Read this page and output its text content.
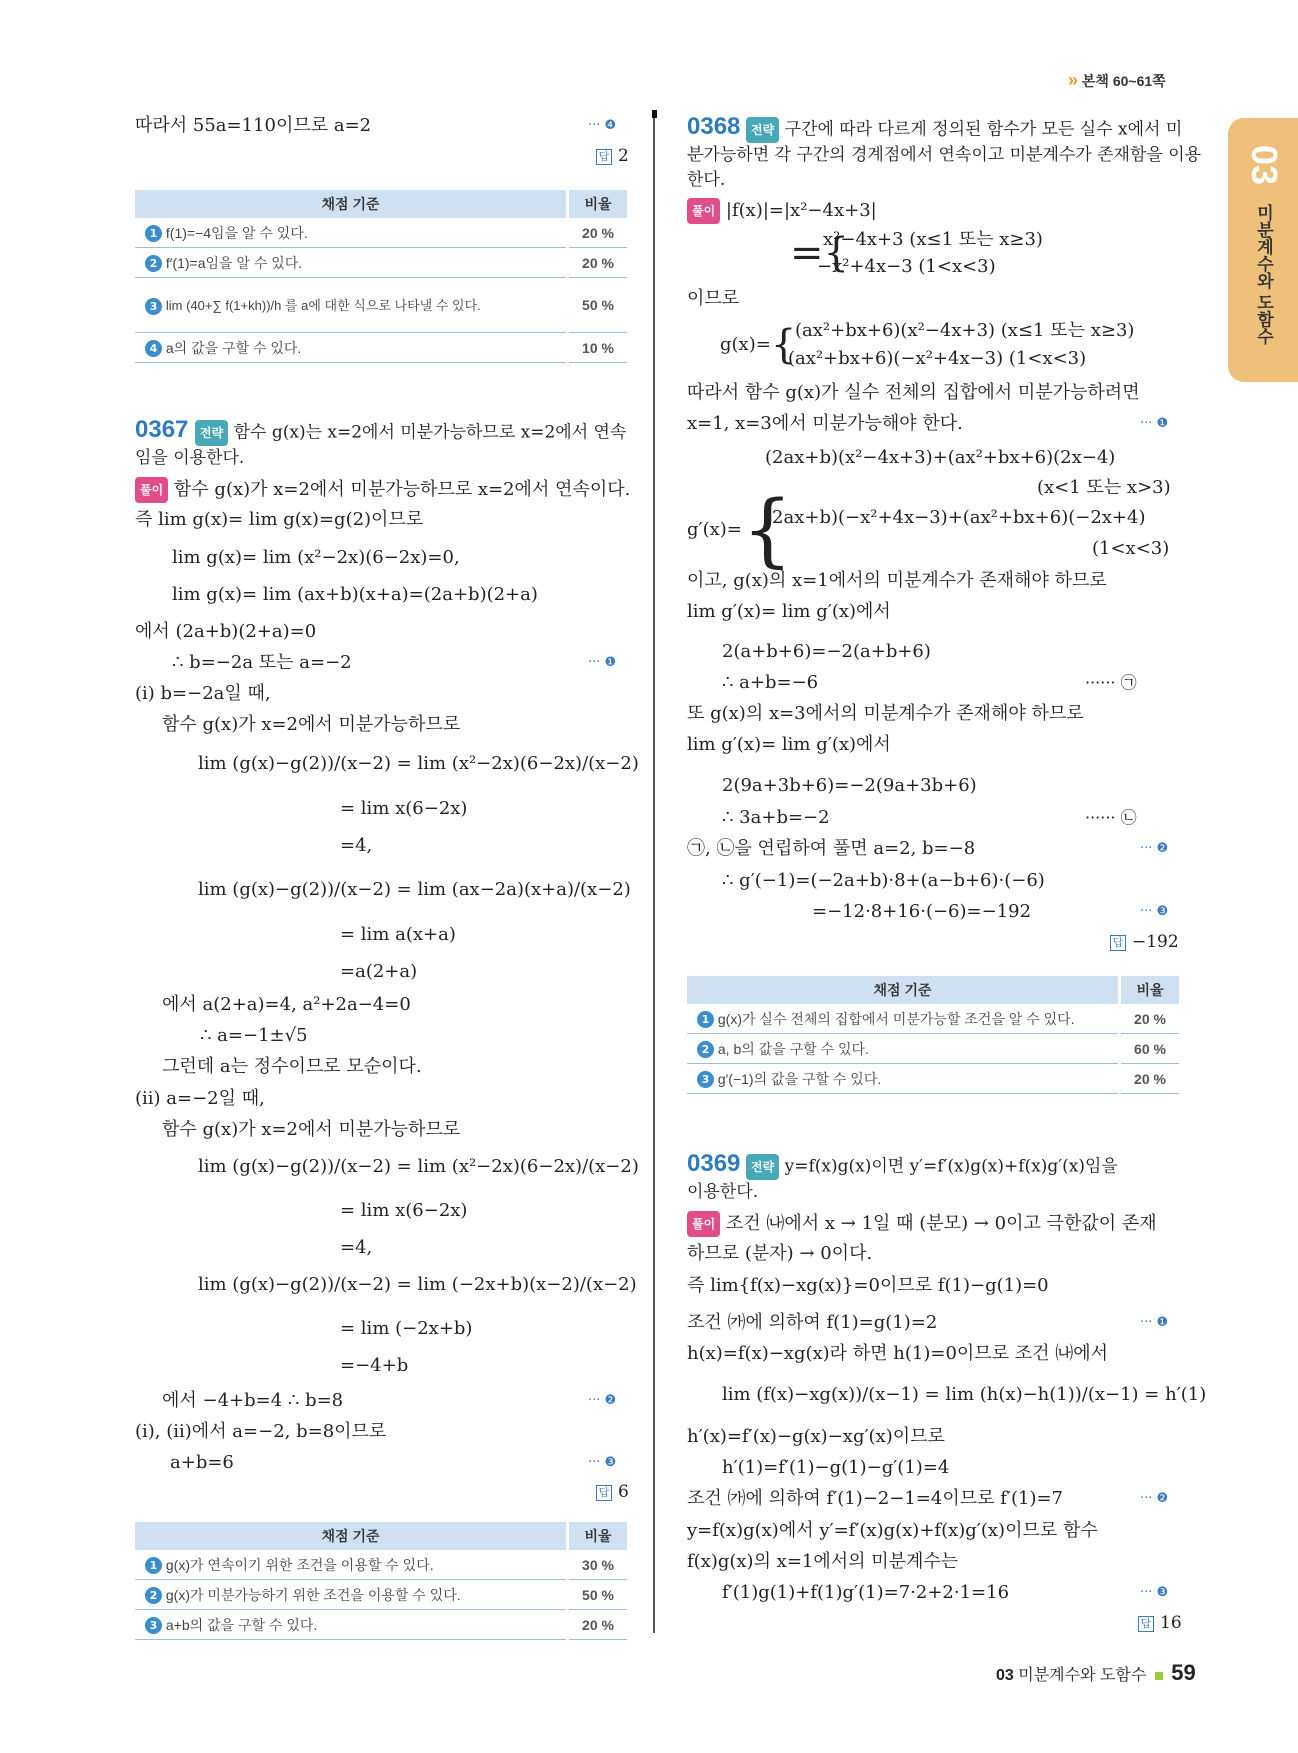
» 본책 60~61쪽
03
미분계수와 도함수
따라서 55a=110이므로 a=2	··· ❹
답 2
채점 기준	비율
1 f(1)=−4임을 알 수 있다.	20 %
2 f′(1)=a임을 알 수 있다.	20 %
3 lim (40+∑ f(1+kh))/h 를 a에 대한 식으로 나타낼 수 있다.	50 %
4 a의 값을 구할 수 있다.	10 %
0367 전략 함수 g(x)는 x=2에서 미분가능하므로 x=2에서 연속
임을 이용한다.
풀이 함수 g(x)가 x=2에서 미분가능하므로 x=2에서 연속이다.
즉 lim g(x)= lim g(x)=g(2)이므로
lim g(x)= lim (x²−2x)(6−2x)=0,
lim g(x)= lim (ax+b)(x+a)=(2a+b)(2+a)
에서 (2a+b)(2+a)=0
∴ b=−2a 또는 a=−2	··· ❶
(i) b=−2a일 때,
함수 g(x)가 x=2에서 미분가능하므로
lim (g(x)−g(2))/(x−2) = lim (x²−2x)(6−2x)/(x−2)
= lim x(6−2x)
=4,
lim (g(x)−g(2))/(x−2) = lim (ax−2a)(x+a)/(x−2)
= lim a(x+a)
=a(2+a)
에서 a(2+a)=4, a²+2a−4=0
∴ a=−1±√5
그런데 a는 정수이므로 모순이다.
(ii) a=−2일 때,
함수 g(x)가 x=2에서 미분가능하므로
lim (g(x)−g(2))/(x−2) = lim (x²−2x)(6−2x)/(x−2)
= lim x(6−2x)
=4,
lim (g(x)−g(2))/(x−2) = lim (−2x+b)(x−2)/(x−2)
= lim (−2x+b)
=−4+b
에서 −4+b=4 ∴ b=8	··· ❷
(i), (ii)에서 a=−2, b=8이므로
a+b=6	··· ❸
답 6
채점 기준	비율
1 g(x)가 연속이기 위한 조건을 이용할 수 있다.	30 %
2 g(x)가 미분가능하기 위한 조건을 이용할 수 있다.	50 %
3 a+b의 값을 구할 수 있다.	20 %
0368 전략 구간에 따라 다르게 정의된 함수가 모든 실수 x에서 미
분가능하면 각 구간의 경계점에서 연속이고 미분계수가 존재함을 이용
한다.
풀이 |f(x)|=|x²−4x+3|
={
x²−4x+3 (x≤1 또는 x≥3)
−x²+4x−3 (1<x<3)
이므로
g(x)={
(ax²+bx+6)(x²−4x+3) (x≤1 또는 x≥3)
(ax²+bx+6)(−x²+4x−3) (1<x<3)
따라서 함수 g(x)가 실수 전체의 집합에서 미분가능하려면
x=1, x=3에서 미분가능해야 한다.	··· ❶
g′(x)={
(2ax+b)(x²−4x+3)+(ax²+bx+6)(2x−4)
(x<1 또는 x>3)
(2ax+b)(−x²+4x−3)+(ax²+bx+6)(−2x+4)
(1<x<3)
이고, g(x)의 x=1에서의 미분계수가 존재해야 하므로
lim g′(x)= lim g′(x)에서
2(a+b+6)=−2(a+b+6)
∴ a+b=−6	······ ㉠
또 g(x)의 x=3에서의 미분계수가 존재해야 하므로
lim g′(x)= lim g′(x)에서
2(9a+3b+6)=−2(9a+3b+6)
∴ 3a+b=−2	······ ㉡
㉠, ㉡을 연립하여 풀면 a=2, b=−8	··· ❷
∴ g′(−1)=(−2a+b)·8+(a−b+6)·(−6)
=−12·8+16·(−6)=−192	··· ❸
답 −192
채점 기준	비율
1 g(x)가 실수 전체의 집합에서 미분가능할 조건을 알 수 있다.	20 %
2 a, b의 값을 구할 수 있다.	60 %
3 g′(−1)의 값을 구할 수 있다.	20 %
0369 전략 y=f(x)g(x)이면 y′=f′(x)g(x)+f(x)g′(x)임을
이용한다.
풀이 조건 ㈏에서 x → 1일 때 (분모) → 0이고 극한값이 존재
하므로 (분자) → 0이다.
즉 lim{f(x)−xg(x)}=0이므로 f(1)−g(1)=0
조건 ㈎에 의하여 f(1)=g(1)=2	··· ❶
h(x)=f(x)−xg(x)라 하면 h(1)=0이므로 조건 ㈏에서
lim (f(x)−xg(x))/(x−1) = lim (h(x)−h(1))/(x−1) = h′(1)
h′(x)=f′(x)−g(x)−xg′(x)이므로
h′(1)=f′(1)−g(1)−g′(1)=4
조건 ㈎에 의하여 f′(1)−2−1=4이므로 f′(1)=7	··· ❷
y=f(x)g(x)에서 y′=f′(x)g(x)+f(x)g′(x)이므로 함수
f(x)g(x)의 x=1에서의 미분계수는
f′(1)g(1)+f(1)g′(1)=7·2+2·1=16	··· ❸
답 16
03 미분계수와 도함수 59
